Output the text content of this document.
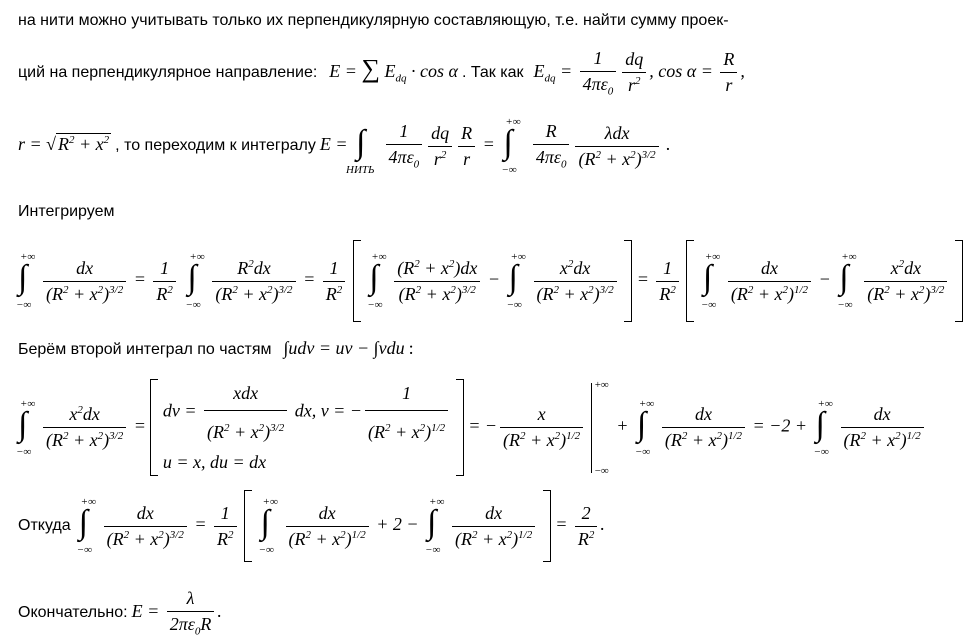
на нити можно учитывать только их перпендикулярную составляющую, т.е. найти сумму проек-
ций на перпендикулярное направление: E = ∑ $E_{dq} \cdot \cos \alpha$ . Так как $E_{dq} = \frac{1}{4\pi\varepsilon_0} \frac{dq}{r^2}$ , $\cos \alpha = \frac{R}{r}$ ,
r = √ $R^2 + x^2$ , то переходим к интегралу E = ∫
НИТЬ
$\frac{1}{4\pi\varepsilon_0} \frac{dq}{r^2} \frac{R}{r}$ =
+∞
∫
−∞
$\frac{R}{4\pi\varepsilon_0} \frac{\text{λdx}}{(R^2 + x^2)^{3/2}}$ .
Интегрируем
+∞
∫
−∞
$\frac{dx}{(R^2 + x^2)^{3/2}} = \frac{1}{R^2}$

+∞
∫
−∞
$\frac{R^2dx}{(R^2 + x^2)^{3/2}} = \frac{1}{R^2}$

+∞
∫
−∞
$\frac{(R^2 + x^2)dx}{(R^2 + x^2)^{3/2}}$ −
+∞
∫
−∞
$\frac{x^2dx}{(R^2 + x^2)^{3/2}} = \frac{1}{R^2}$

+∞
∫
−∞
$\frac{dx}{(R^2 + x^2)^{1/2}}$ −
+∞
∫
−∞
$\frac{x^2dx}{(R^2 + x^2)^{3/2}}$

Берём второй интеграл по частям ∫udv = uv − ∫vdu :
+∞
∫
−∞
$\frac{x^2dx}{(R^2 + x^2)^{3/2}}$ =
dv = $\frac{\text{xdx}}{(R^2 + x^2)^{3/2}}$ dx, v = − $\frac{1}{(R^2 + x^2)^{1/2}}$
u = x, du = dx
= − $\frac{x}{(R^2 + x^2)^{1/2}}$

+∞
−∞
+
+∞
∫
−∞
$\frac{dx}{(R^2 + x^2)^{1/2}} = -2$ +
+∞
∫
−∞
$\frac{dx}{(R^2 + x^2)^{1/2}}$
Откуда
+∞
∫
−∞
$\frac{dx}{(R^2 + x^2)^{3/2}} = \frac{1}{R^2}$

+∞
∫
−∞
$\frac{dx}{(R^2 + x^2)^{1/2}} + 2$ −
+∞
∫
−∞
$\frac{dx}{(R^2 + x^2)^{1/2}} = \frac{2}{R^2}$ .
Окончательно: $E = \frac{\lambda}{2\pi\varepsilon_0R}$ .
